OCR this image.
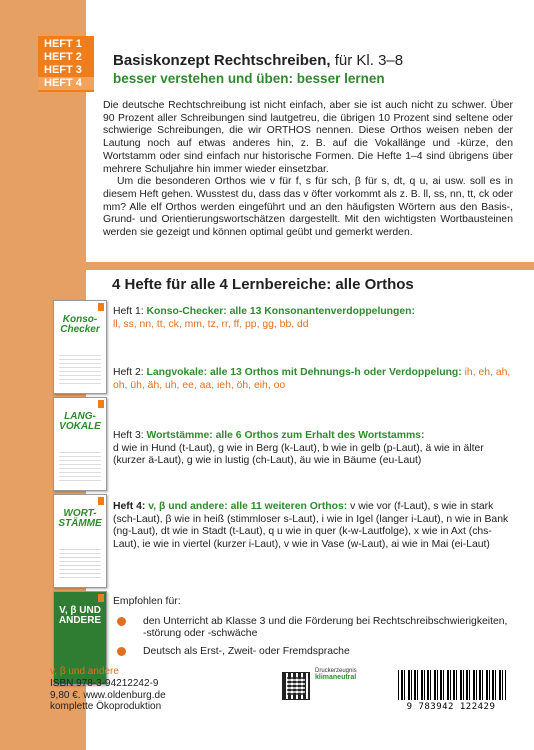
HEFT 1
HEFT 2
HEFT 3
HEFT 4
Basiskonzept Rechtschreiben, für Kl. 3–8
besser verstehen und üben: besser lernen

Die deutsche Rechtschreibung ist nicht einfach, aber sie ist auch nicht zu schwer. Über 90 Prozent aller Schreibungen sind lautgetreu, die übrigen 10 Prozent sind seltene oder schwierige Schreibungen, die wir ORTHOS nennen. Diese Orthos weisen neben der Lautung noch auf etwas anderes hin, z. B. auf die Vokallänge und -kürze, den Wortstamm oder sind einfach nur historische Formen. Die Hefte 1–4 sind übrigens über mehrere Schuljahre hin immer wieder einsetzbar.

Um die besonderen Orthos wie v für f, s für sch, β für s, dt, q u, ai usw. soll es in diesem Heft gehen. Wusstest du, dass das v öfter vorkommt als z. B. ll, ss, nn, tt, ck oder mm? Alle elf Orthos werden eingeführt und an den häufigsten Wörtern aus den Basis-, Grund- und Orientierungswortschätzen dargestellt. Mit den wichtigsten Wortbausteinen werden sie gezeigt und können optimal geübt und gemerkt werden.

4 Hefte für alle 4 Lernbereiche: alle Orthos
Konso-Checker
LANG-VOKALE
WORT-STÄMME
V, β UND ANDERE
Heft 1: Konso-Checker: alle 13 Konsonantenverdoppelungen:
ll, ss, nn, tt, ck, mm, tz, rr, ff, pp, gg, bb, dd
Heft 2: Langvokale: alle 13 Orthos mit Dehnungs-h oder Verdoppelung: ih, eh, ah, oh, üh, äh, uh, ee, aa, ieh, öh, eih, oo
Heft 3: Wortstämme: alle 6 Orthos zum Erhalt des Wortstamms:
d wie in Hund (t-Laut), g wie in Berg (k-Laut), b wie in gelb (p-Laut), ä wie in älter (kurzer ä-Laut), g wie in lustig (ch-Laut), äu wie in Bäume (eu-Laut)
Heft 4: v, β und andere: alle 11 weiteren Orthos: v wie vor (f-Laut), s wie in stark (sch-Laut), β wie in heiß (stimmloser s-Laut), i wie in Igel (langer i-Laut), n wie in Bank (ng-Laut), dt wie in Stadt (t-Laut), q u wie in quer (k-w-Lautfolge), x wie in Axt (chs-Laut), ie wie in viertel (kurzer i-Laut), v wie in Vase (w-Laut), ai wie in Mai (ei-Laut)
Empfohlen für:
den Unterricht ab Klasse 3 und die Förderung bei Rechtschreibschwierigkeiten, -störung oder -schwäche
Deutsch als Erst-, Zweit- oder Fremdsprache
v, β und andere
ISBN 978-3-94212242-9
9,80 €. www.oldenburg.de
komplette Ökoproduktion
Druckerzeugnis
klimaneutral
9 783942 122429
